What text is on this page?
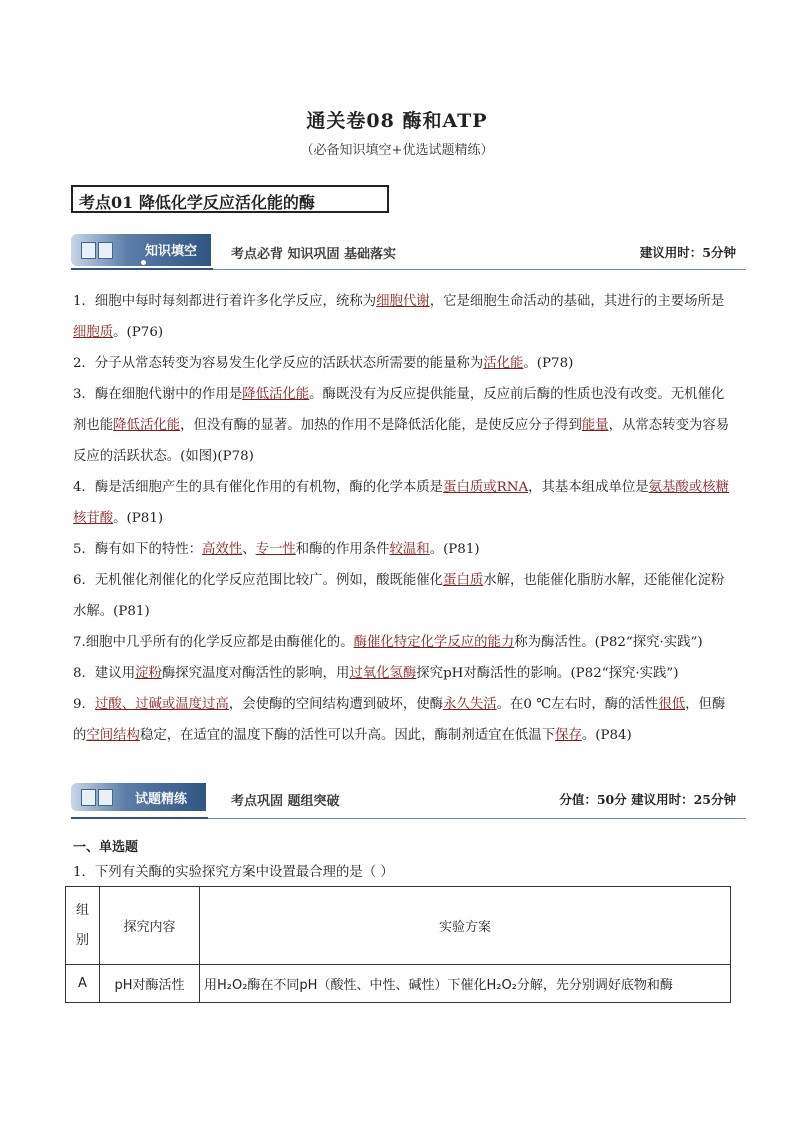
通关卷08 酶和ATP
（必备知识填空+优选试题精练）
考点01 降低化学反应活化能的酶
知识填空	考点必背 知识巩固 基础落实	建议用时：5分钟
1．细胞中每时每刻都进行着许多化学反应，统称为细胞代谢，它是细胞生命活动的基础，其进行的主要场所是细胞质。(P76)
2．分子从常态转变为容易发生化学反应的活跃状态所需要的能量称为活化能。(P78)
3．酶在细胞代谢中的作用是降低活化能。酶既没有为反应提供能量，反应前后酶的性质也没有改变。无机催化剂也能降低活化能，但没有酶的显著。加热的作用不是降低活化能，是使反应分子得到能量，从常态转变为容易反应的活跃状态。(如图)(P78)
4．酶是活细胞产生的具有催化作用的有机物，酶的化学本质是蛋白质或RNA，其基本组成单位是氨基酸或核糖核苷酸。(P81)
5．酶有如下的特性：高效性、专一性和酶的作用条件较温和。(P81)
6．无机催化剂催化的化学反应范围比较广。例如，酸既能催化蛋白质水解，也能催化脂肪水解，还能催化淀粉水解。(P81)
7.细胞中几乎所有的化学反应都是由酶催化的。酶催化特定化学反应的能力称为酶活性。(P82“探究·实践”)
8．建议用淀粉酶探究温度对酶活性的影响，用过氧化氢酶探究pH对酶活性的影响。(P82“探究·实践”)
9．过酸、过碱或温度过高，会使酶的空间结构遭到破坏，使酶永久失活。在0 ℃左右时，酶的活性很低，但酶的空间结构稳定，在适宜的温度下酶的活性可以升高。因此，酶制剂适宜在低温下保存。(P84)
试题精练	考点巩固 题组突破	分值：50分 建议用时：25分钟
一、单选题
1．下列有关酶的实验探究方案中设置最合理的是（ ）
组别	探究内容	实验方案
A	pH对酶活性	用H₂O₂酶在不同pH（酸性、中性、碱性）下催化H₂O₂分解，先分别调好底物和酶
